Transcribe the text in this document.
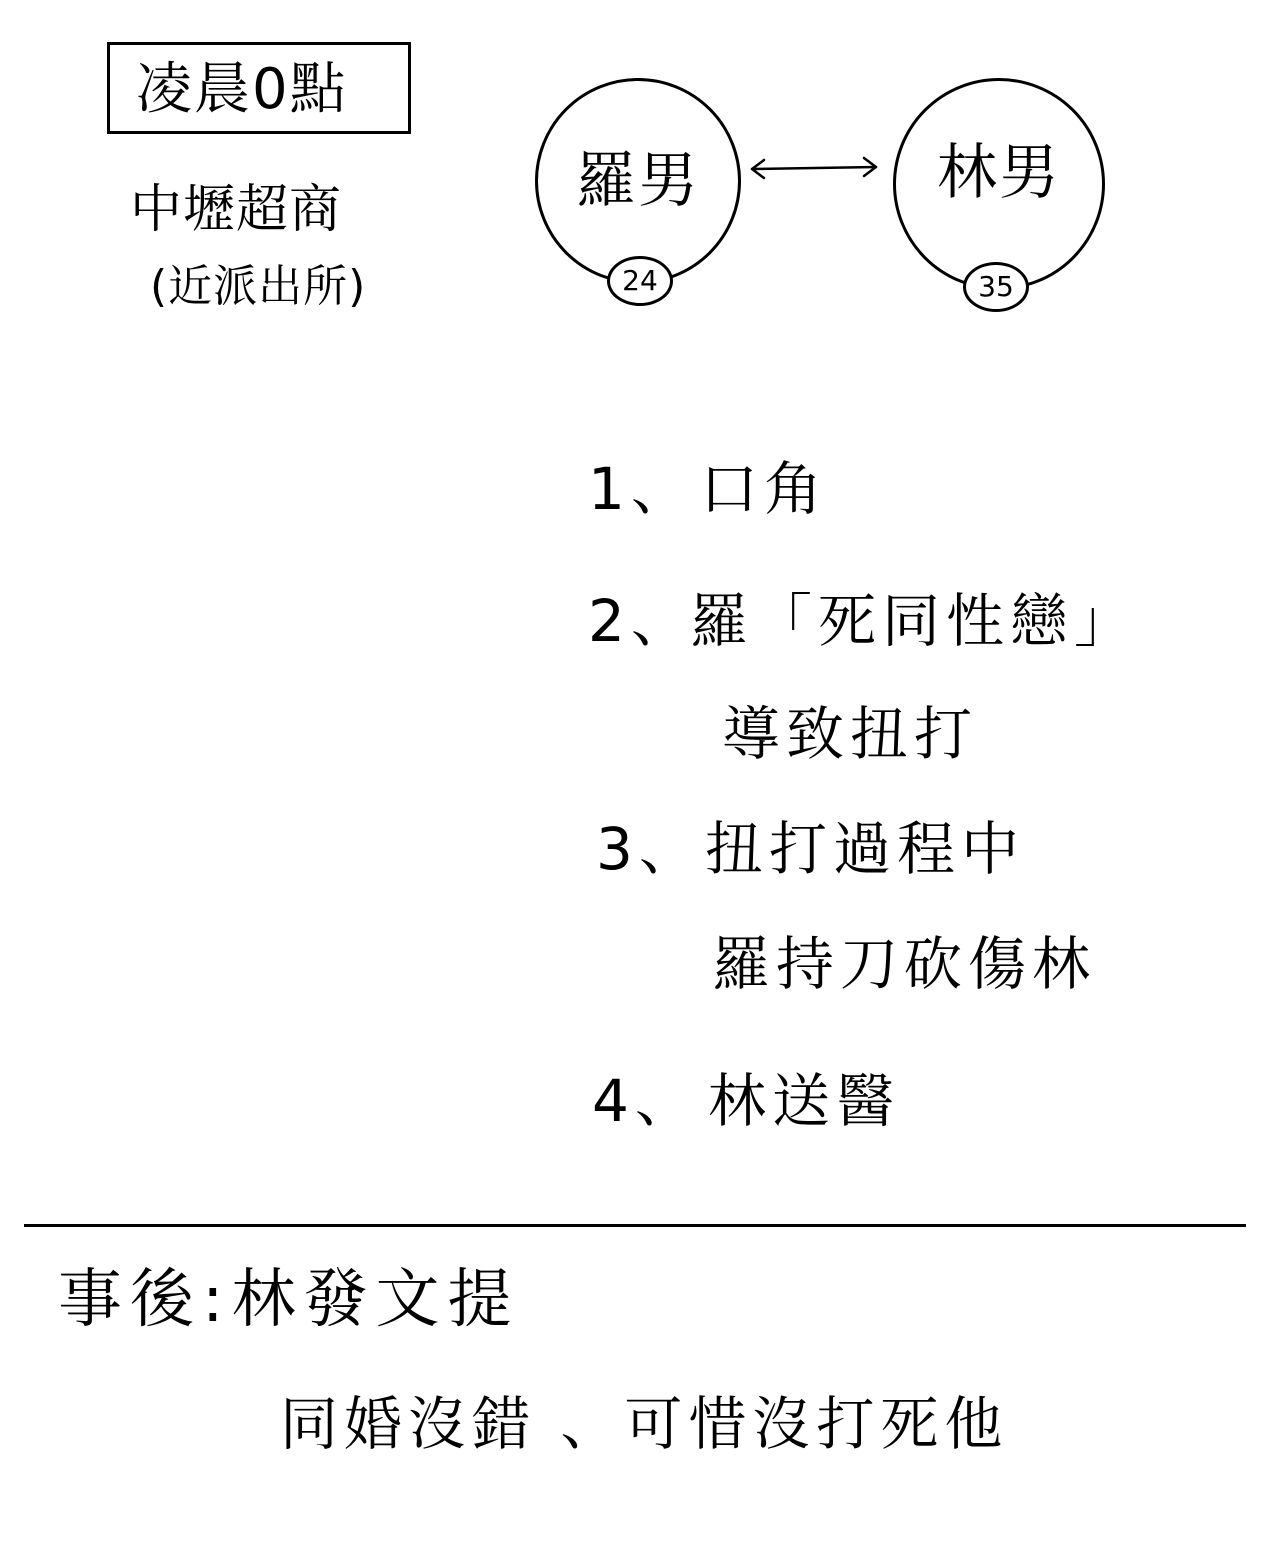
凌晨0點
中壢超商
(近派出所)
羅男
24
林男
35
1、 口角
2、
羅「死同性戀」
導致扭打
3、 扭打過程中
羅持刀砍傷林
4、 林送醫
事後:林發文提
同婚沒錯 、可惜沒打死他
